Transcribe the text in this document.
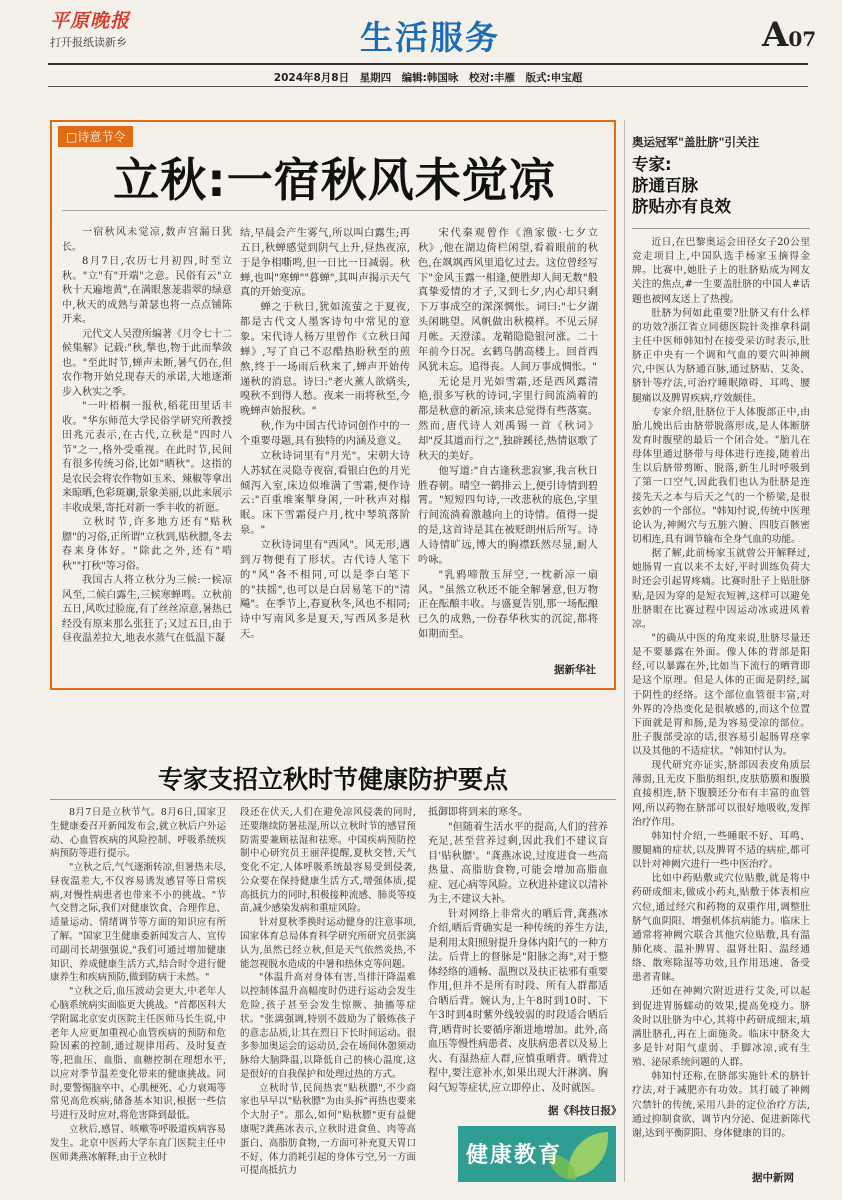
平原晚报
打开报纸读新乡	生活服务	A07
2024年8月8日　星期四　编辑:韩国咏　校对:丰雁　版式:申宝超
□诗意节令
立秋:一宿秋风未觉凉

一宿秋风未觉凉,数声宫漏日犹长。

8月7日,农历七月初四,时至立秋。"立"有"开端"之意。民俗有云"立秋十天遍地黄",在满眼葱茏翡翠的绿意中,秋天的成熟与萧瑟也将一点点铺陈开来。

元代文人吴澄所编著《月令七十二候集解》记载:"秋,揫也,物于此而揫敛也。"至此时节,蝉声未断,暑气仍在,但农作物开始兑现春天的承诺,大地逐渐步入秋实之季。

"一叶梧桐一报秋,稻花田里话丰收。"华东师范大学民俗学研究所教授田兆元表示,在古代,立秋是"四时八节"之一,格外受重视。在此时节,民间有很多传统习俗,比如"晒秋"。这指的是农民会将农作物如玉米、辣椒等拿出来晾晒,色彩斑斓,景象美丽,以此来展示丰收成果,寄托对新一季丰收的祈愿。

立秋时节,许多地方还有"贴秋膘"的习俗,正所谓"立秋到,贴秋膘,冬去春来身体好。"除此之外,还有"啃秋""打秋"等习俗。

我国古人将立秋分为三候:一候凉风至,二候白露生,三候寒蝉鸣。立秋前五日,风吹过脸庞,有了丝丝凉意,暑热已经没有原来那么张狂了;又过五日,由于昼夜温差拉大,地表水蒸气在低温下凝

结,早晨会产生雾气,所以叫白露生;再五日,秋蝉感觉到阴气上升,昼热夜凉,于是争相嘶鸣,但一日比一日减弱。秋蝉,也叫"寒蝉""暮蝉",其叫声揭示天气真的开始变凉。

蝉之于秋日,犹如流萤之于夏夜,都是古代文人墨客诗句中常见的意象。宋代诗人杨万里曾作《立秋日闻蝉》,写了自己不忍酷热盼秋至的煎熬,终于一场雨后秋来了,蝉声开始传递秋的消息。诗曰:"老火薰人欲焫头,嗅秋不到得人愁。夜来一雨将秋至,今晚蝉声始报秋。"

秋,作为中国古代诗词创作中的一个重要母题,具有独特的内涵及意义。

立秋诗词里有"月光"。宋朝大诗人苏轼在灵隐寺夜宿,看银白色的月光倾泻入室,床边似堆满了雪霜,便作诗云:"百重堆案掣身闲,一叶秋声对榻眠。床下雪霜侵户月,枕中琴筑落阶泉。"

立秋诗词里有"西风"。风无形,遇到万物便有了形状。古代诗人笔下的"风"各不相同,可以是李白笔下的"扶摇",也可以是白居易笔下的"清飚"。在季节上,春夏秋冬,风也不相同;诗中写南风多是夏天,写西风多是秋天。

宋代秦观曾作《渔家傲·七夕立秋》,他在湖边倚栏闲望,看着眼前的秋色,在飒飒西风里追忆过去。这位曾经写下"金风玉露一相逢,便胜却人间无数"般真挚爱情的才子,又到七夕,内心却只剩下万事成空的深深惆怅。词曰:"七夕湖头闲眺望。风帆做出秋模样。不见云屏月帐。天澄漾。龙鞘隐隐银河涨。二十年前今日况。玄鹤乌鹊高楼上。回首西风犹未忘。追得丧。人间万事成惆怅。"

无论是月光如雪霜,还是西风露清艳,很多写秋的诗词,字里行间流淌着的都是秋意的新凉,读来总觉得有些落寞。然而,唐代诗人刘禹锡一首《秋词》却"反其道而行之",独辟蹊径,热情讴歌了秋天的美好。

他写道:"自古逢秋悲寂寥,我言秋日胜春朝。晴空一鹤排云上,便引诗情到碧霄。"短短四句诗,一改悲秋的底色,字里行间流淌着激越向上的诗情。值得一提的是,这首诗是其在被贬朗州后所写。诗人诗情旷远,博大的胸襟跃然尽显,耐人吟咏。

"乳鸦啼散玉屏空,一枕新凉一扇风。"虽然立秋还不能全解暑意,但万物正在酝酿丰收。与盛夏告别,那一场酝酿已久的成熟,一份春华秋实的沉淀,都将如期而至。

据新华社
专家支招立秋时节健康防护要点

8月7日是立秋节气。8月6日,国家卫生健康委召开新闻发布会,就立秋后户外运动、心血管疾病的风险控制、呼吸系统疾病预防等进行提示。

"立秋之后,气气逐渐转凉,但暑热未尽,昼夜温差大,不仅容易诱发感冒等日常疾病,对慢性病患者也带来不小的挑战。"节气交替之际,我们对健康饮食、合理作息、适量运动、情绪调节等方面的知识应有所了解。"国家卫生健康委新闻发言人、宣传司副司长胡强强说,"我们可通过增加健康知识、养成健康生活方式,结合时令进行健康养生和疾病预防,做到防病于未然。"

"立秋之后,血压波动会更大,中老年人心脑系统病实面临更大挑战。"首都医科大学附属北京安贞医院主任医师马长生说,中老年人应更加重视心血管疾病的预防和危险因素的控制,通过规律用药、及时复查等,把血压、血脂、血糖控制在理想水平,以应对季节温差变化带来的健康挑战。同时,要警惕脑卒中、心肌梗死、心力衰竭等常见高危疾病,储备基本知识,根据一些信号进行及时应对,将危害降到最低。

立秋后,感冒、咳嗽等呼吸道疾病容易发生。北京中医药大学东直门医院主任中医师龚燕冰解释,由于立秋时

段还在伏天,人们在避免凉风侵袭的同时,还要继续防暑祛湿,所以立秋时节的感冒预防需要兼顾祛湿和祛寒。中国疾病预防控制中心研究员王丽萍提醒,夏秋交替,天气变化不定,人体呼吸系统最容易受到侵袭,公众要在保持健康生活方式,增强体质,提高抵抗力的同时,积极接种流感、肺炎等疫苗,减少感染发病和重症风险。

针对夏秋季换时运动健身的注意事项,国家体育总局体育科学研究所研究员张漓认为,虽然已经立秋,但是天气依然炎热,不能忽视脱水造成的中暑和热休克等问题。

"体温升高对身体有害,当排汗降温难以控制体温升高幅度时仍进行运动会发生危险,孩子甚至会发生惊厥、抽搐等症状。"张漓强调,特别不鼓励为了锻炼孩子的意志品质,让其在烈日下长时间运动。很多参加奥运会的运动员,会在场间休憩须动脉给大脑降温,以降低自己的核心温度,这是很好的自我保护和处理过热的方式。

立秋时节,民间热衷"贴秋膘",不少商家也早早以"贴秋膘"为由头拆"再热也要来个大肘子"。那么,如何"贴秋膘"更有益健康呢?龚燕冰表示,立秋时进食鱼、肉等高蛋白、高脂肪食物,一方面可补充夏天胃口不好、体力消耗引起的身体亏空,另一方面可提高抵抗力

抵御即将到来的寒冬。

"但随着生活水平的提高,人们的营养充足,甚至营养过剩,因此我们不建议盲目'贴秋膘'。"龚燕冰说,过度进食一些高热量、高脂肪食物,可能会增加高脂血症、冠心病等风险。立秋进补建议以清补为主,不建议大补。

针对网络上非常火的晒后背,龚燕冰介绍,晒后背确实是一种传统的养生方法,是利用太阳照射提升身体内阳气的一种方法。后背上的督脉是"阳脉之海",对于整体经络的通畅、温煦以及扶正祛邪有重要作用,但并不是所有时段、所有人群都适合晒后背。婉认为,上午8时到10时、下午3时到4时紫外线较弱的时段适合晒后背,晒背时长要循序渐进地增加。此外,高血压等慢性病患者、皮肤病患者以及易上火、有湿热症人群,应慎重晒背。晒背过程中,要注意补水,如果出现大汗淋漓、胸闷气短等症状,应立即停止、及时就医。

据《科技日报》
健康教育
奥运冠军"盖肚脐"引关注
专家:
脐通百脉
脐贴亦有良效

近日,在巴黎奥运会田径女子20公里竞走项目上,中国队选手杨家玉摘得金牌。比赛中,她肚子上的肚脐贴成为网友关注的焦点,#一生要盖肚脐的中国人#话题也被网友送上了热搜。

肚脐为何如此重要?肚脐又有什么样的功效?浙江省立同德医院针灸推拿科副主任中医师韩知忖在接受采访时表示,肚脐正中央有一个调和气血的要穴叫神阙穴,中医认为脐通百脉,通过脐贴、艾灸、脐针等疗法,可治疗睡眠障碍、耳鸣、腰腿痛以及脾胃疾病,疗效颇佳。

专家介绍,肚脐位于人体腹部正中,由胎儿娩出后由脐带脱落形成,是人体断脐发育时腹壁的最后一个闭合处。"胎儿在母体里通过脐带与母体进行连接,随着出生以后脐带剪断、脱落,新生儿时呼吸到了第一口空气,因此我们也认为肚脐是连接先天之本与后天之气的一个桥梁,是很玄妙的一个部位。"韩知忖说,传统中医理论认为,神阙穴与五脏六腑、四肢百骸密切相连,具有调节输布全身气血的功能。

据了解,此前杨家玉就曾公开解释过,她肠胃一直以来不太好,平时训练负荷大时还会引起胃疼痛。比赛时肚子上贴肚脐贴,是因为穿的是短衣短裤,这样可以避免肚脐眼在比赛过程中因运动冰或进风着凉。

"的确从中医的角度来说,肚脐尽量还是不要暴露在外面。像人体的背部是阳经,可以暴露在外,比如当下流行的晒背即是这个原理。但是人体的正面是阴经,属于阴性的经络。这个部位血管很丰富,对外界的冷热变化是很敏感的,而这个位置下面就是胃和肠,是为容易受凉的部位。肚子腹部受凉的话,很容易引起肠胃痉挛以及其他的不适症状。"韩知忖认为。

现代研究亦证实,脐部因表皮角质层薄弱,且无皮下脂肪组织,皮肤筋膜和腹膜直接相连,脐下腹膜还分布有丰富的血管网,所以药物在脐部可以很好地吸收,发挥治疗作用。

韩知忖介绍,一些睡眠不好、耳鸣、腰腿痛的症状,以及脾胃不适的病症,都可以针对神阙穴进行一些中医治疗。

比如中药贴敷或穴位贴敷,就是将中药研成细末,做成小药丸,贴敷于体表相应穴位,通过经穴和药物的双重作用,调整肚脐气血阴阳、增强机体抗病能力。临床上通常将神阙穴联合其他穴位贴敷,具有温肺化痰、温补脾胃、温肾壮阳、温经通络、散寒除湿等功效,且作用迅速、备受患者青睐。

还如在神阙穴附近进行艾灸,可以起到促进胃肠蠕动的效果,提高免疫力。脐灸时以肚脐为中心,其将中药研成细末,填满肚脐孔,再在上面施灸。临床中脐灸大多是针对阳气虚弱、手脚冰凉,或有生殖、泌尿系统问题的人群。

韩知忖还称,在脐部实施针术的脐针疗法,对于减肥亦有功效。其打破了神阙穴禁针的传统,采用八卦的定位治疗方法,通过抑制食欲、调节内分泌、促进新陈代谢,达到平衡阴阳、身体健康的目的。

据中新网
